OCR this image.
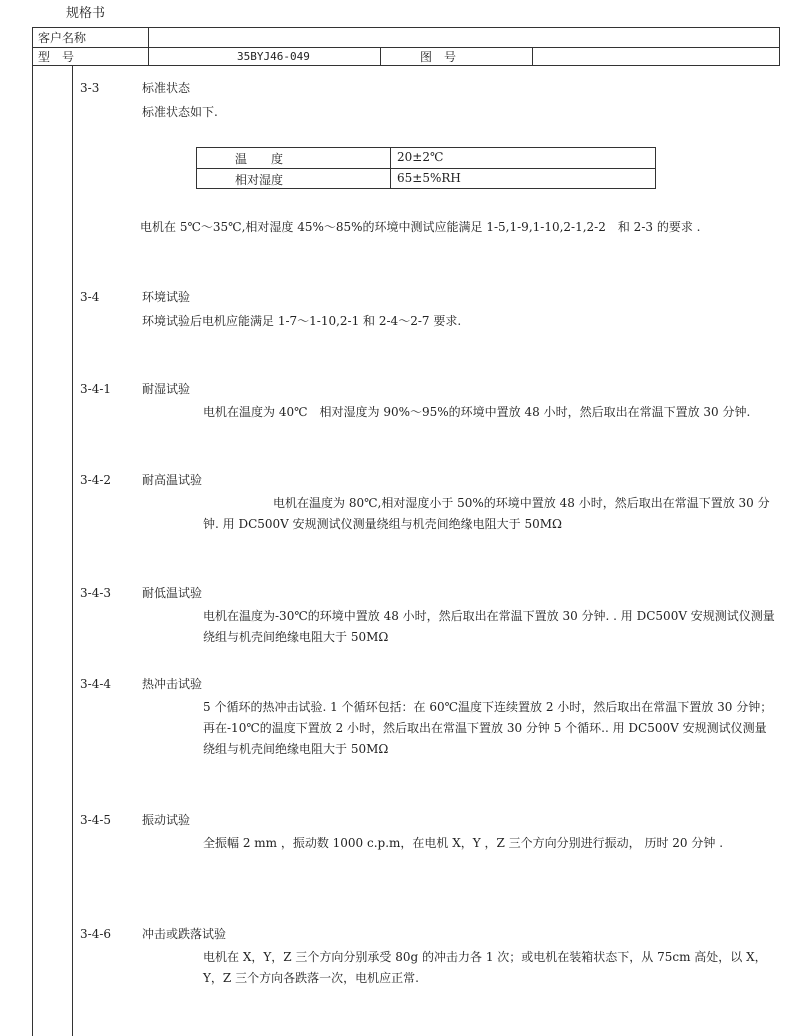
规格书
客户名称
型　号	35BYJ46-049	图　号
3-3	标准状态
标准状态如下.
温　　度	20±2℃
相对湿度	65±5%RH
电机在 5℃～35℃,相对湿度 45%～85%的环境中测试应能满足 1-5,1-9,1-10,2-1,2-2　和 2-3 的要求 .
3-4	环境试验
环境试验后电机应能满足 1-7～1-10,2-1 和 2-4～2-7 要求.
3-4-1	耐湿试验
电机在温度为 40℃　相对湿度为 90%～95%的环境中置放 48 小时，然后取出在常温下置放 30 分钟.
3-4-2	耐高温试验
电机在温度为 80℃,相对湿度小于 50%的环境中置放 48 小时，然后取出在常温下置放 30 分钟. 用 DC500V 安规测试仪测量绕组与机壳间绝缘电阻大于 50MΩ
3-4-3	耐低温试验
电机在温度为-30℃的环境中置放 48 小时，然后取出在常温下置放 30 分钟. . 用 DC500V 安规测试仪测量绕组与机壳间绝缘电阻大于 50MΩ
3-4-4	热冲击试验
5 个循环的热冲击试验. 1 个循环包括：在 60℃温度下连续置放 2 小时，然后取出在常温下置放 30 分钟；再在-10℃的温度下置放 2 小时，然后取出在常温下置放 30 分钟 5 个循环.. 用 DC500V 安规测试仪测量绕组与机壳间绝缘电阻大于 50MΩ
3-4-5	振动试验
全振幅 2 mm ，振动数 1000 c.p.m，在电机 X，Y ，Z 三个方向分别进行振动， 历时 20 分钟 .
3-4-6	冲击或跌落试验
电机在 X，Y，Z 三个方向分别承受 80g 的冲击力各 1 次；或电机在装箱状态下，从 75cm 高处，以 X，Y，Z 三个方向各跌落一次，电机应正常.
